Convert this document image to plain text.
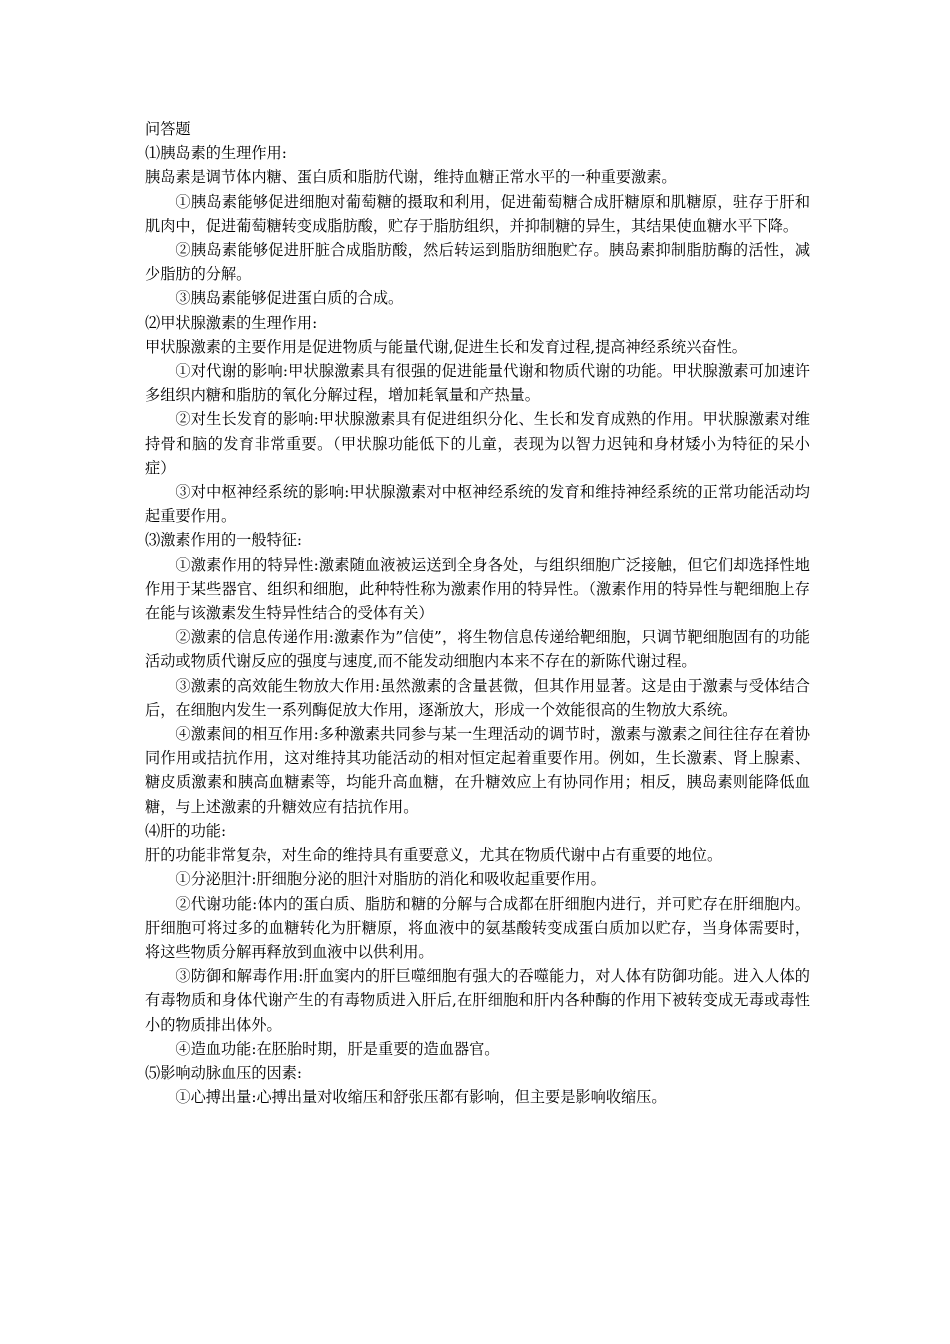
问答题

⑴胰岛素的生理作用:

胰岛素是调节体内糖、蛋白质和脂肪代谢，维持血糖正常水平的一种重要激素。

①胰岛素能够促进细胞对葡萄糖的摄取和利用，促进葡萄糖合成肝糖原和肌糖原，驻存于肝和肌肉中，促进葡萄糖转变成脂肪酸，贮存于脂肪组织，并抑制糖的异生，其结果使血糖水平下降。

②胰岛素能够促进肝脏合成脂肪酸，然后转运到脂肪细胞贮存。胰岛素抑制脂肪酶的活性，减少脂肪的分解。

③胰岛素能够促进蛋白质的合成。

⑵甲状腺激素的生理作用:

甲状腺激素的主要作用是促进物质与能量代谢,促进生长和发育过程,提高神经系统兴奋性。

①对代谢的影响:甲状腺激素具有很强的促进能量代谢和物质代谢的功能。甲状腺激素可加速许多组织内糖和脂肪的氧化分解过程，增加耗氧量和产热量。

②对生长发育的影响:甲状腺激素具有促进组织分化、生长和发育成熟的作用。甲状腺激素对维持骨和脑的发育非常重要。（甲状腺功能低下的儿童，表现为以智力迟钝和身材矮小为特征的呆小症）

③对中枢神经系统的影响:甲状腺激素对中枢神经系统的发育和维持神经系统的正常功能活动均起重要作用。

⑶激素作用的一般特征:

①激素作用的特异性:激素随血液被运送到全身各处，与组织细胞广泛接触，但它们却选择性地作用于某些器官、组织和细胞，此种特性称为激素作用的特异性。（激素作用的特异性与靶细胞上存在能与该激素发生特异性结合的受体有关）

②激素的信息传递作用:激素作为”信使”，将生物信息传递给靶细胞，只调节靶细胞固有的功能活动或物质代谢反应的强度与速度,而不能发动细胞内本来不存在的新陈代谢过程。

③激素的高效能生物放大作用:虽然激素的含量甚微，但其作用显著。这是由于激素与受体结合后，在细胞内发生一系列酶促放大作用，逐渐放大，形成一个效能很高的生物放大系统。

④激素间的相互作用:多种激素共同参与某一生理活动的调节时，激素与激素之间往往存在着协同作用或拮抗作用，这对维持其功能活动的相对恒定起着重要作用。例如，生长激素、肾上腺素、糖皮质激素和胰高血糖素等，均能升高血糖，在升糖效应上有协同作用；相反，胰岛素则能降低血糖，与上述激素的升糖效应有拮抗作用。

⑷肝的功能:

肝的功能非常复杂，对生命的维持具有重要意义，尤其在物质代谢中占有重要的地位。

①分泌胆汁:肝细胞分泌的胆汁对脂肪的消化和吸收起重要作用。

②代谢功能:体内的蛋白质、脂肪和糖的分解与合成都在肝细胞内进行，并可贮存在肝细胞内。肝细胞可将过多的血糖转化为肝糖原，将血液中的氨基酸转变成蛋白质加以贮存，当身体需要时，将这些物质分解再释放到血液中以供利用。

③防御和解毒作用:肝血窦内的肝巨噬细胞有强大的吞噬能力，对人体有防御功能。进入人体的有毒物质和身体代谢产生的有毒物质进入肝后,在肝细胞和肝内各种酶的作用下被转变成无毒或毒性小的物质排出体外。

④造血功能:在胚胎时期，肝是重要的造血器官。

⑸影响动脉血压的因素:

①心搏出量:心搏出量对收缩压和舒张压都有影响，但主要是影响收缩压。
